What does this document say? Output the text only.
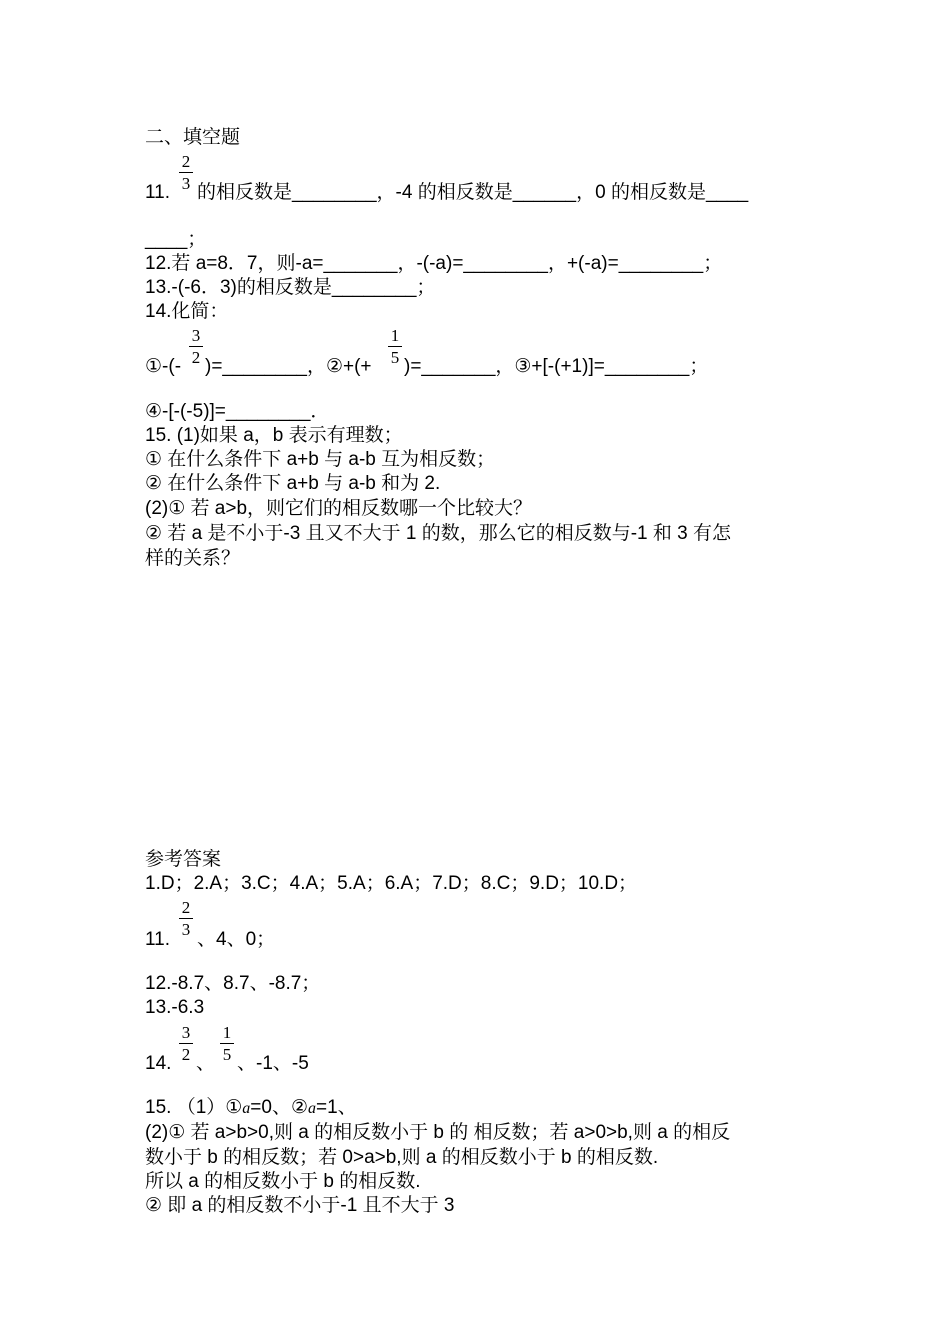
二、填空题
2
3
11. 的相反数是________，-4 的相反数是______，0 的相反数是____
____；
12.若 a=8．7，则-a=_______，-(-a)=________，+(-a)=________；
13.-(-6．3)的相反数是________；
14.化简：
3
2
1
5
①-(- )=________，②+(+ )=_______，③+[-(+1)]=________；
④-[-(-5)]=________．
15. (1)如果 a，b 表示有理数；
① 在什么条件下 a+b 与 a-b 互为相反数；
② 在什么条件下 a+b 与 a-b 和为 2.
(2)① 若 a>b，则它们的相反数哪一个比较大？
② 若 a 是不小于-3 且又不大于 1 的数，那么它的相反数与-1 和 3 有怎
样的关系？
参考答案
1.D；2.A；3.C；4.A；5.A；6.A；7.D；8.C；9.D；10.D；
2
3
11. 、4、0；
12.-8.7、8.7、-8.7；
13.-6.3
3
2
1
5
14. 、 、-1、-5
15. （1）①a=0、②a=1、
(2)① 若 a>b>0,则 a 的相反数小于 b 的 相反数；若 a>0>b,则 a 的相反
数小于 b 的相反数；若 0>a>b,则 a 的相反数小于 b 的相反数.
所以 a 的相反数小于 b 的相反数.
② 即 a 的相反数不小于-1 且不大于 3
